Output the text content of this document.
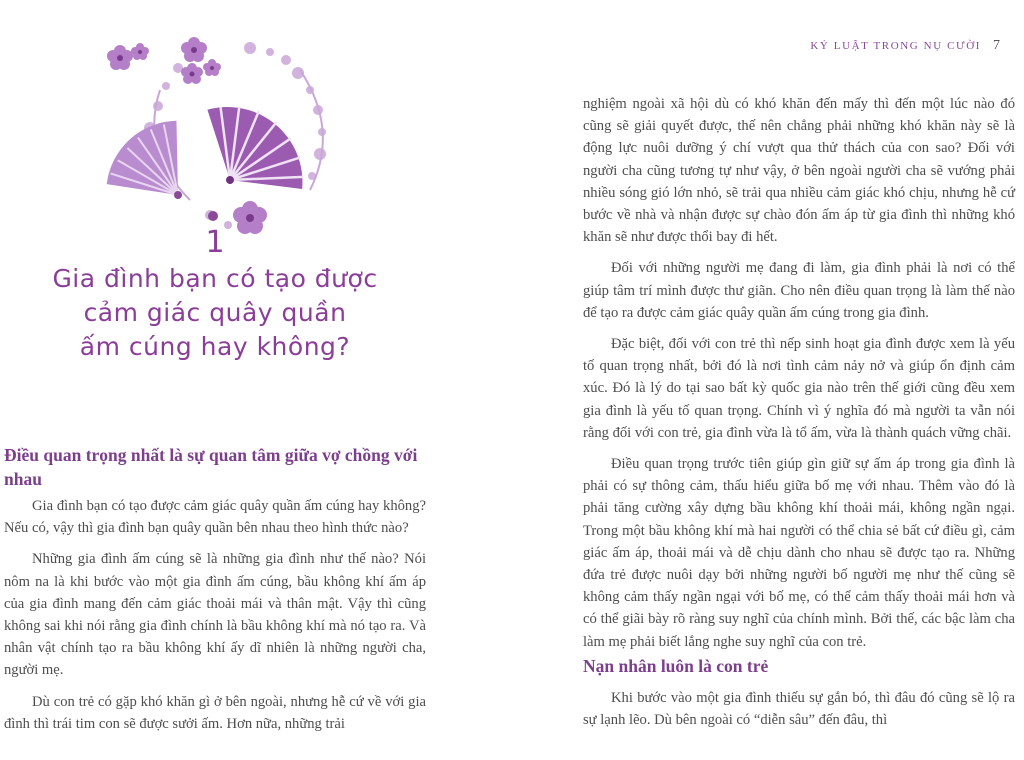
1
Gia đình bạn có tạo được
cảm giác quây quần
ấm cúng hay không?
Điều quan trọng nhất là sự quan tâm giữa vợ chồng với nhau

Gia đình bạn có tạo được cảm giác quây quần ấm cúng hay không? Nếu có, vậy thì gia đình bạn quây quần bên nhau theo hình thức nào?

Những gia đình ấm cúng sẽ là những gia đình như thế nào? Nói nôm na là khi bước vào một gia đình ấm cúng, bầu không khí ấm áp của gia đình mang đến cảm giác thoải mái và thân mật. Vậy thì cũng không sai khi nói rằng gia đình chính là bầu không khí mà nó tạo ra. Và nhân vật chính tạo ra bầu không khí ấy dĩ nhiên là những người cha, người mẹ.

Dù con trẻ có gặp khó khăn gì ở bên ngoài, nhưng hễ cứ về với gia đình thì trái tim con sẽ được sưởi ấm. Hơn nữa, những trải

KỶ LUẬT TRONG NỤ CƯỜI 7

nghiệm ngoài xã hội dù có khó khăn đến mấy thì đến một lúc nào đó cũng sẽ giải quyết được, thế nên chẳng phải những khó khăn này sẽ là động lực nuôi dưỡng ý chí vượt qua thử thách của con sao? Đối với người cha cũng tương tự như vậy, ở bên ngoài người cha sẽ vướng phải nhiều sóng gió lớn nhỏ, sẽ trải qua nhiều cảm giác khó chịu, nhưng hễ cứ bước về nhà và nhận được sự chào đón ấm áp từ gia đình thì những khó khăn sẽ như được thổi bay đi hết.

Đối với những người mẹ đang đi làm, gia đình phải là nơi có thể giúp tâm trí mình được thư giãn. Cho nên điều quan trọng là làm thế nào để tạo ra được cảm giác quây quần ấm cúng trong gia đình.

Đặc biệt, đối với con trẻ thì nếp sinh hoạt gia đình được xem là yếu tố quan trọng nhất, bởi đó là nơi tình cảm nảy nở và giúp ổn định cảm xúc. Đó là lý do tại sao bất kỳ quốc gia nào trên thế giới cũng đều xem gia đình là yếu tố quan trọng. Chính vì ý nghĩa đó mà người ta vẫn nói rằng đối với con trẻ, gia đình vừa là tổ ấm, vừa là thành quách vững chãi.

Điều quan trọng trước tiên giúp gìn giữ sự ấm áp trong gia đình là phải có sự thông cảm, thấu hiểu giữa bố mẹ với nhau. Thêm vào đó là phải tăng cường xây dựng bầu không khí thoải mái, không ngần ngại. Trong một bầu không khí mà hai người có thể chia sẻ bất cứ điều gì, cảm giác ấm áp, thoải mái và dễ chịu dành cho nhau sẽ được tạo ra. Những đứa trẻ được nuôi dạy bởi những người bố người mẹ như thế cũng sẽ không cảm thấy ngần ngại với bố mẹ, có thể cảm thấy thoải mái hơn và có thể giãi bày rõ ràng suy nghĩ của chính mình. Bởi thế, các bậc làm cha làm mẹ phải biết lắng nghe suy nghĩ của con trẻ.

Nạn nhân luôn là con trẻ

Khi bước vào một gia đình thiếu sự gắn bó, thì đâu đó cũng sẽ lộ ra sự lạnh lẽo. Dù bên ngoài có “diễn sâu” đến đâu, thì
